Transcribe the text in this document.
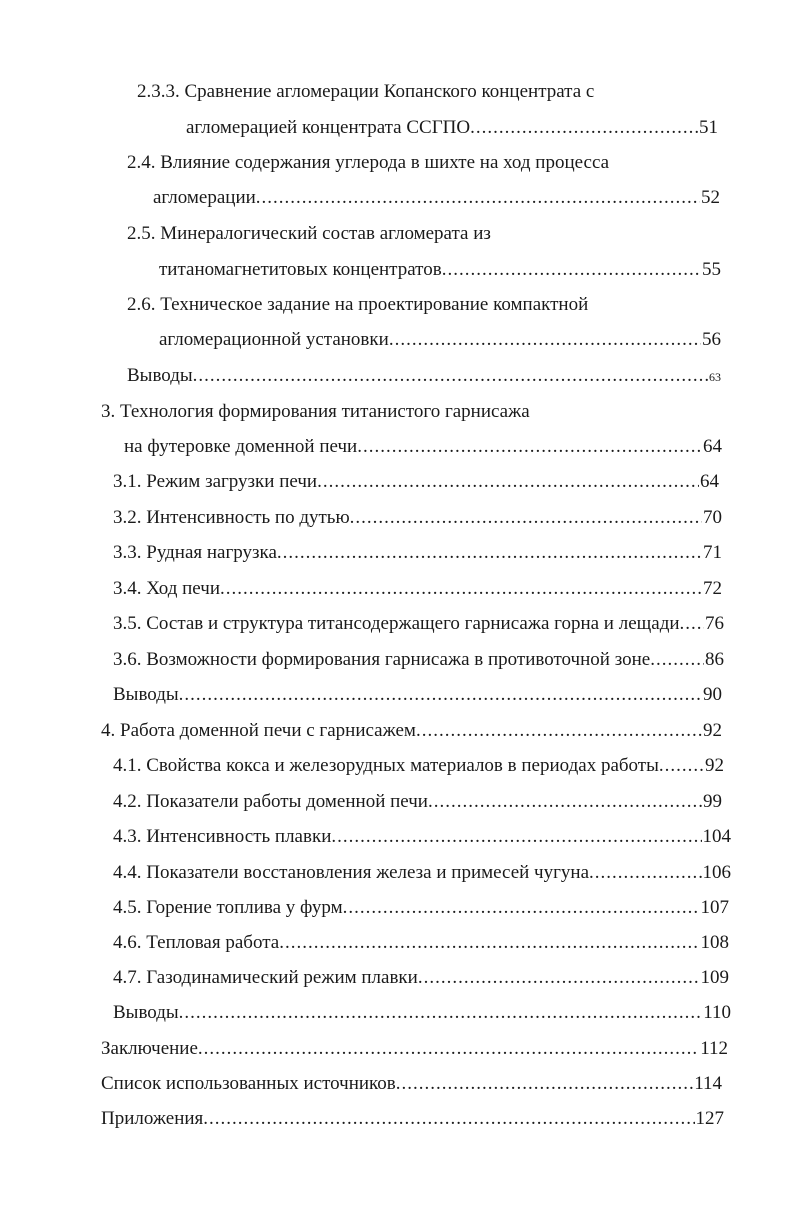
2.3.3. Сравнение агломерации Копанского концентрата с
агломерацией концентрата ССГПО .....	51
2.4. Влияние содержания углерода в шихте на ход процесса
агломерации .....	52
2.5. Минералогический состав агломерата из
титаномагнетитовых концентратов .....	55
2.6. Техническое задание на проектирование компактной
агломерационной установки .....	56
Выводы .....	63
3. Технология формирования титанистого гарнисажа
на футеровке доменной печи .....	64
3.1. Режим загрузки печи .....	64
3.2. Интенсивность по дутью .....	70
3.3. Рудная нагрузка .....	71
3.4. Ход печи .....	72
3.5. Состав и структура титансодержащего гарнисажа горна и лещади ..... 76
3.6. Возможности формирования гарнисажа в противоточной зоне .....	86
Выводы .....	90
4. Работа доменной печи с гарнисажем .....	92
4.1. Свойства кокса и железорудных материалов в периодах работы ..... 92
4.2. Показатели работы доменной печи .....	99
4.3. Интенсивность плавки .....	104
4.4. Показатели восстановления железа и примесей чугуна .....	106
4.5. Горение топлива у фурм .....	107
4.6. Тепловая работа .....	108
4.7. Газодинамический режим плавки .....	109
Выводы .....	110
Заключение .....	112
Список использованных источников .....	114
Приложения .....	127
